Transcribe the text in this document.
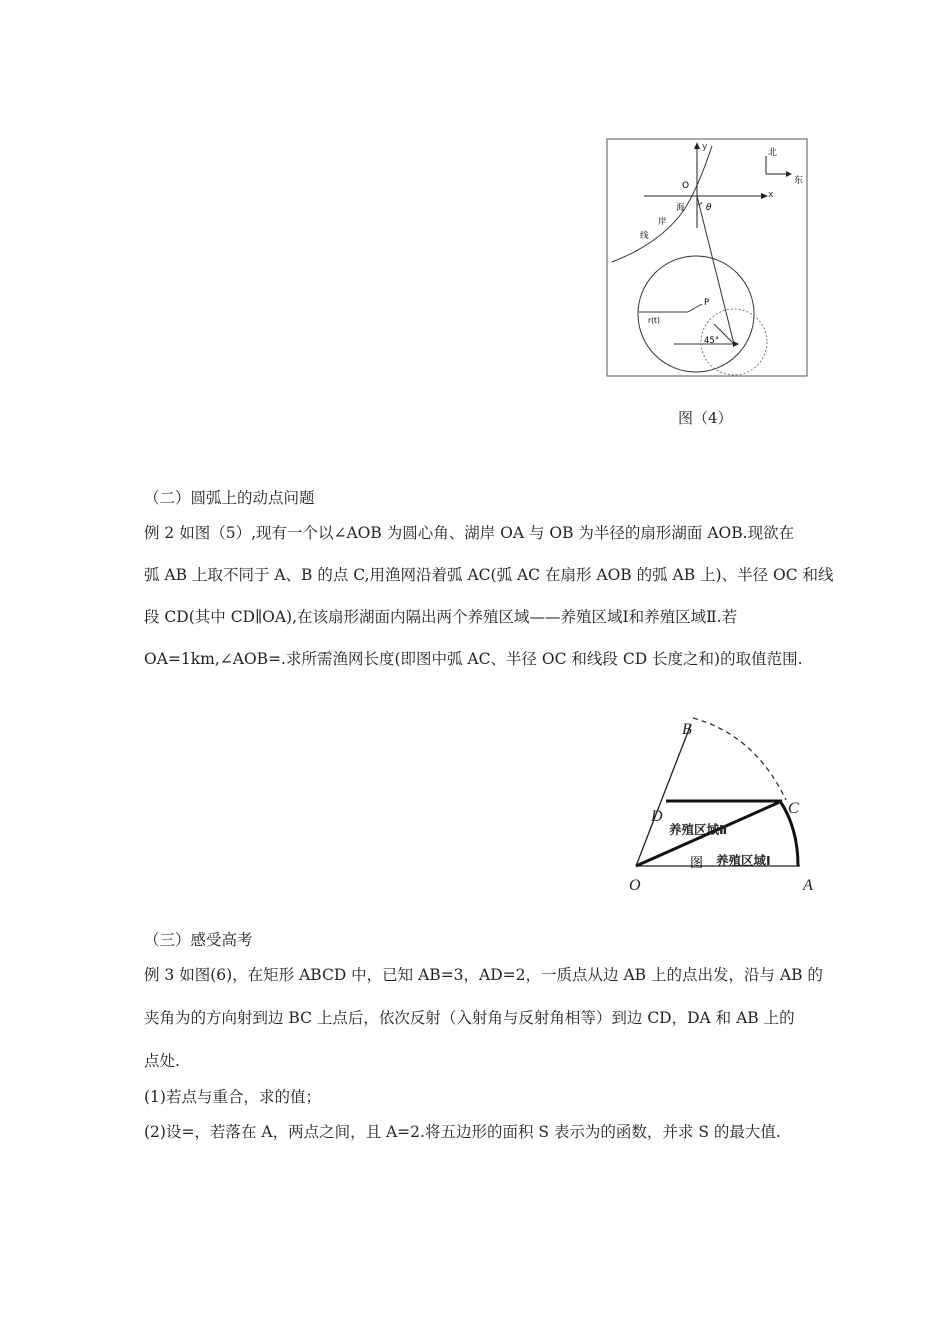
y
x
O
北
东
海
岸
线
θ
r(t)
P
45°
图（4）
（二）圆弧上的动点问题
例 2 如图（5）,现有一个以∠AOB 为圆心角、湖岸 OA 与 OB 为半径的扇形湖面 AOB.现欲在
弧 AB 上取不同于 A、B 的点 C,用渔网沿着弧 AC(弧 AC 在扇形 AOB 的弧 AB 上)、半径 OC 和线
段 CD(其中 CD∥OA),在该扇形湖面内隔出两个养殖区域——养殖区域Ⅰ和养殖区域Ⅱ.若
OA=1km,∠AOB=.求所需渔网长度(即图中弧 AC、半径 OC 和线段 CD 长度之和)的取值范围.
B
C
D
O	A
养殖区域Ⅱ
图 养殖区域Ⅰ
（三）感受高考
例 3 如图(6)，在矩形 ABCD 中，已知 AB=3，AD=2，一质点从边 AB 上的点出发，沿与 AB 的
夹角为的方向射到边 BC 上点后，依次反射（入射角与反射角相等）到边 CD，DA 和 AB 上的
点处.
(1)若点与重合，求的值；
(2)设=，若落在 A，两点之间，且 A=2.将五边形的面积 S 表示为的函数，并求 S 的最大值.
